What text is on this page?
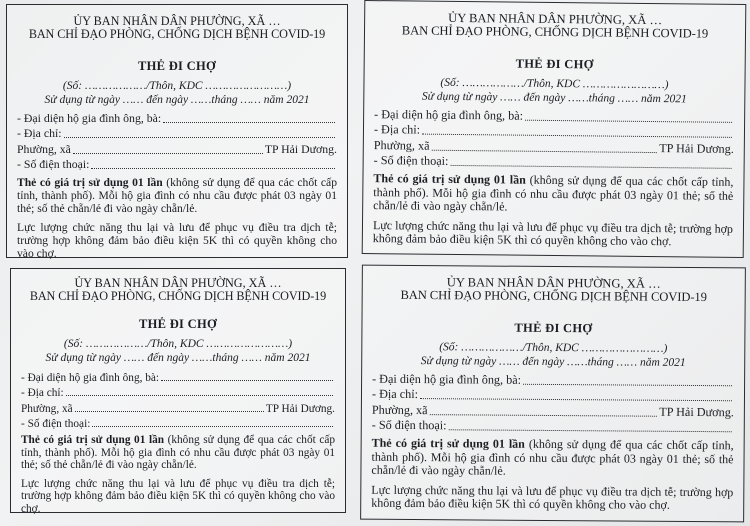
ỦY BAN NHÂN DÂN PHƯỜNG, XÃ …
BAN CHỈ ĐẠO PHÒNG, CHỐNG DỊCH BỆNH COVID-19
THẺ ĐI CHỢ
(Số: ………………/Thôn, KDC ……………………)
Sử dụng từ ngày …… đến ngày ……tháng …… năm 2021
- Đại diện hộ gia đình ông, bà:
- Địa chỉ:
Phường, xã	TP Hải Dương.
- Số điện thoại:
Thẻ có giá trị sử dụng 01 lần (không sử dụng để qua các chốt cấp tỉnh, thành phố). Mỗi hộ gia đình có nhu cầu được phát 03 ngày 01 thẻ; số thẻ chẵn/lẻ đi vào ngày chẵn/lẻ.
Lực lượng chức năng thu lại và lưu để phục vụ điều tra dịch tễ; trường hợp không đảm bảo điều kiện 5K thì có quyền không cho vào chợ.
ỦY BAN NHÂN DÂN PHƯỜNG, XÃ …
BAN CHỈ ĐẠO PHÒNG, CHỐNG DỊCH BỆNH COVID-19
THẺ ĐI CHỢ
(Số: ………………/Thôn, KDC ……………………)
Sử dụng từ ngày …… đến ngày ……tháng …… năm 2021
- Đại diện hộ gia đình ông, bà:
- Địa chỉ:
Phường, xã	TP Hải Dương.
- Số điện thoại:
Thẻ có giá trị sử dụng 01 lần (không sử dụng để qua các chốt cấp tỉnh, thành phố). Mỗi hộ gia đình có nhu cầu được phát 03 ngày 01 thẻ; số thẻ chẵn/lẻ đi vào ngày chẵn/lẻ.
Lực lượng chức năng thu lại và lưu để phục vụ điều tra dịch tễ; trường hợp không đảm bảo điều kiện 5K thì có quyền không cho vào chợ.
ỦY BAN NHÂN DÂN PHƯỜNG, XÃ …
BAN CHỈ ĐẠO PHÒNG, CHỐNG DỊCH BỆNH COVID-19
THẺ ĐI CHỢ
(Số: ………………/Thôn, KDC ……………………)
Sử dụng từ ngày …… đến ngày ……tháng …… năm 2021
- Đại diện hộ gia đình ông, bà:
- Địa chỉ:
Phường, xã	TP Hải Dương.
- Số điện thoại:
Thẻ có giá trị sử dụng 01 lần (không sử dụng để qua các chốt cấp tỉnh, thành phố). Mỗi hộ gia đình có nhu cầu được phát 03 ngày 01 thẻ; số thẻ chẵn/lẻ đi vào ngày chẵn/lẻ.
Lực lượng chức năng thu lại và lưu để phục vụ điều tra dịch tễ; trường hợp không đảm bảo điều kiện 5K thì có quyền không cho vào chợ.
ỦY BAN NHÂN DÂN PHƯỜNG, XÃ …
BAN CHỈ ĐẠO PHÒNG, CHỐNG DỊCH BỆNH COVID-19
THẺ ĐI CHỢ
(Số: ………………/Thôn, KDC ……………………)
Sử dụng từ ngày …… đến ngày ……tháng …… năm 2021
- Đại diện hộ gia đình ông, bà:
- Địa chỉ:
Phường, xã	TP Hải Dương.
- Số điện thoại:
Thẻ có giá trị sử dụng 01 lần (không sử dụng để qua các chốt cấp tỉnh, thành phố). Mỗi hộ gia đình có nhu cầu được phát 03 ngày 01 thẻ; số thẻ chẵn/lẻ đi vào ngày chẵn/lẻ.
Lực lượng chức năng thu lại và lưu để phục vụ điều tra dịch tễ; trường hợp không đảm bảo điều kiện 5K thì có quyền không cho vào chợ.
